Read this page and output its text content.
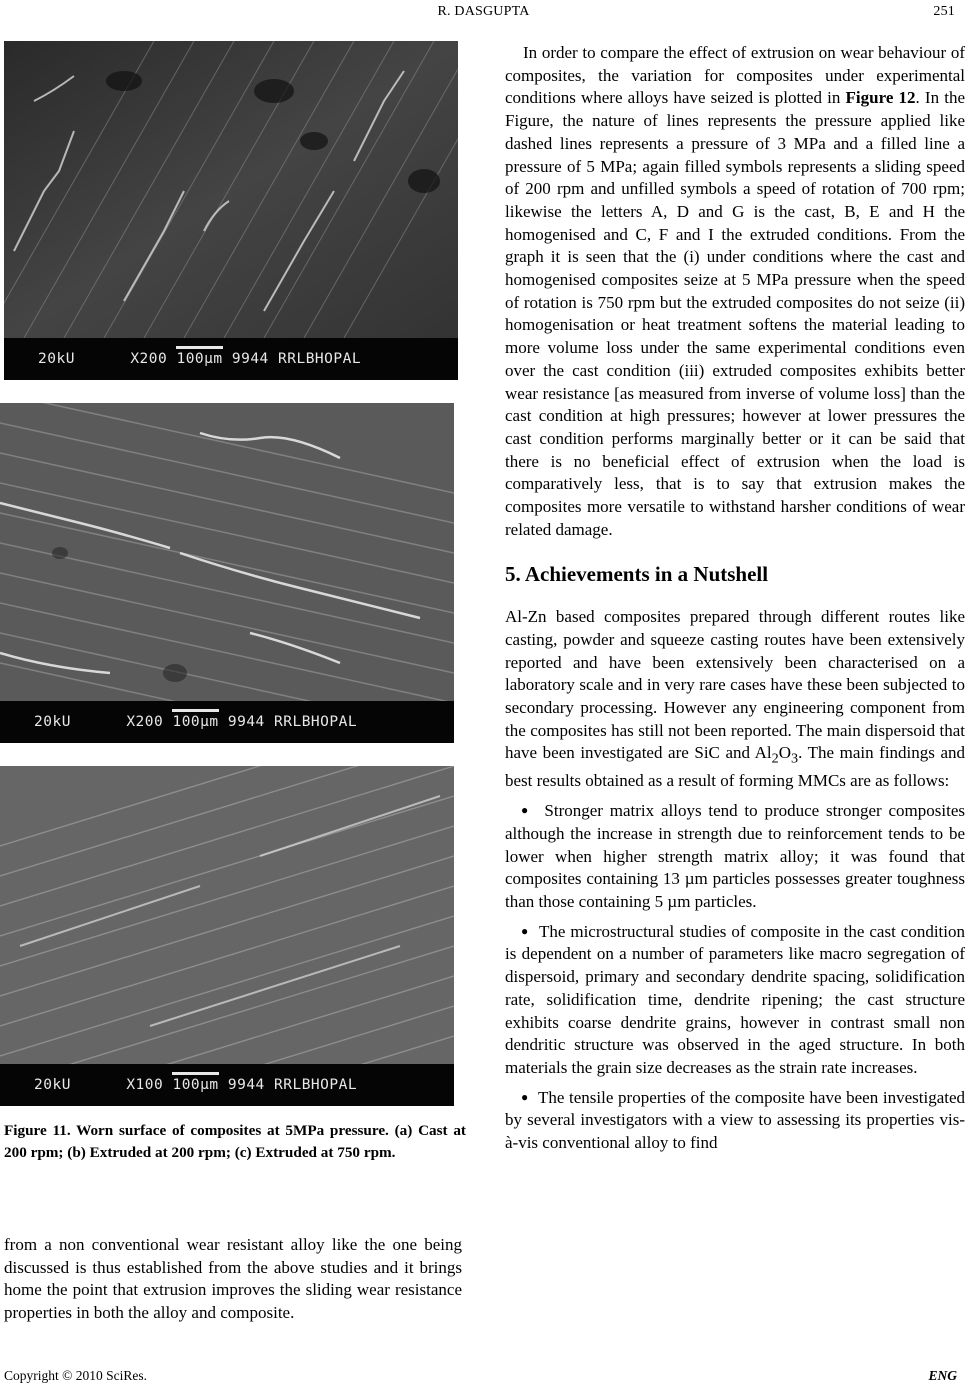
R. DASGUPTA	251
20kU
	X200
100µm
9944
RRLBHOPAL
20kU
	X200
100µm
9944
RRLBHOPAL
20kU
	X100
100µm
9944
RRLBHOPAL
Figure 11. Worn surface of composites at 5MPa pressure. (a) Cast at 200 rpm; (b) Extruded at 200 rpm; (c) Extruded at 750 rpm.
from a non conventional wear resistant alloy like the one being discussed is thus established from the above studies and it brings home the point that extrusion improves the sliding wear resistance properties in both the alloy and composite.

In order to compare the effect of extrusion on wear behaviour of composites, the variation for composites under experimental conditions where alloys have seized is plotted in Figure 12. In the Figure, the nature of lines represents the pressure applied like dashed lines represents a pressure of 3 MPa and a filled line a pressure of 5 MPa; again filled symbols represents a sliding speed of 200 rpm and unfilled symbols a speed of rotation of 700 rpm; likewise the letters A, D and G is the cast, B, E and H the homogenised and C, F and I the extruded conditions. From the graph it is seen that the (i) under conditions where the cast and homogenised composites seize at 5 MPa pressure when the speed of rotation is 750 rpm but the extruded composites do not seize (ii) homogenisation or heat treatment softens the material leading to more volume loss under the same experimental conditions even over the cast condition (iii) extruded composites exhibits better wear resistance [as measured from inverse of volume loss] than the cast condition at high pressures; however at lower pressures the cast condition performs marginally better or it can be said that there is no beneficial effect of extrusion when the load is comparatively less, that is to say that extrusion makes the composites more versatile to withstand harsher conditions of wear related damage.

5. Achievements in a Nutshell

Al-Zn based composites prepared through different routes like casting, powder and squeeze casting routes have been extensively reported and have been extensively been characterised on a laboratory scale and in very rare cases have these been subjected to secondary processing. However any engineering component from the composites has still not been reported. The main dispersoid that have been investigated are SiC and $Al_2O_3$. The main findings and best results obtained as a result of forming MMCs are as follows:

● Stronger matrix alloys tend to produce stronger composites although the increase in strength due to reinforcement tends to be lower when higher strength matrix alloy; it was found that composites containing 13 µm particles possesses greater toughness than those containing 5 µm particles.

● The microstructural studies of composite in the cast condition is dependent on a number of parameters like macro segregation of dispersoid, primary and secondary dendrite spacing, solidification rate, solidification time, dendrite ripening; the cast structure exhibits coarse dendrite grains, however in contrast small non dendritic structure was observed in the aged structure. In both materials the grain size decreases as the strain rate increases.

● The tensile properties of the composite have been investigated by several investigators with a view to assessing its properties vis-à-vis conventional alloy to find

Copyright © 2010 SciRes.	ENG
